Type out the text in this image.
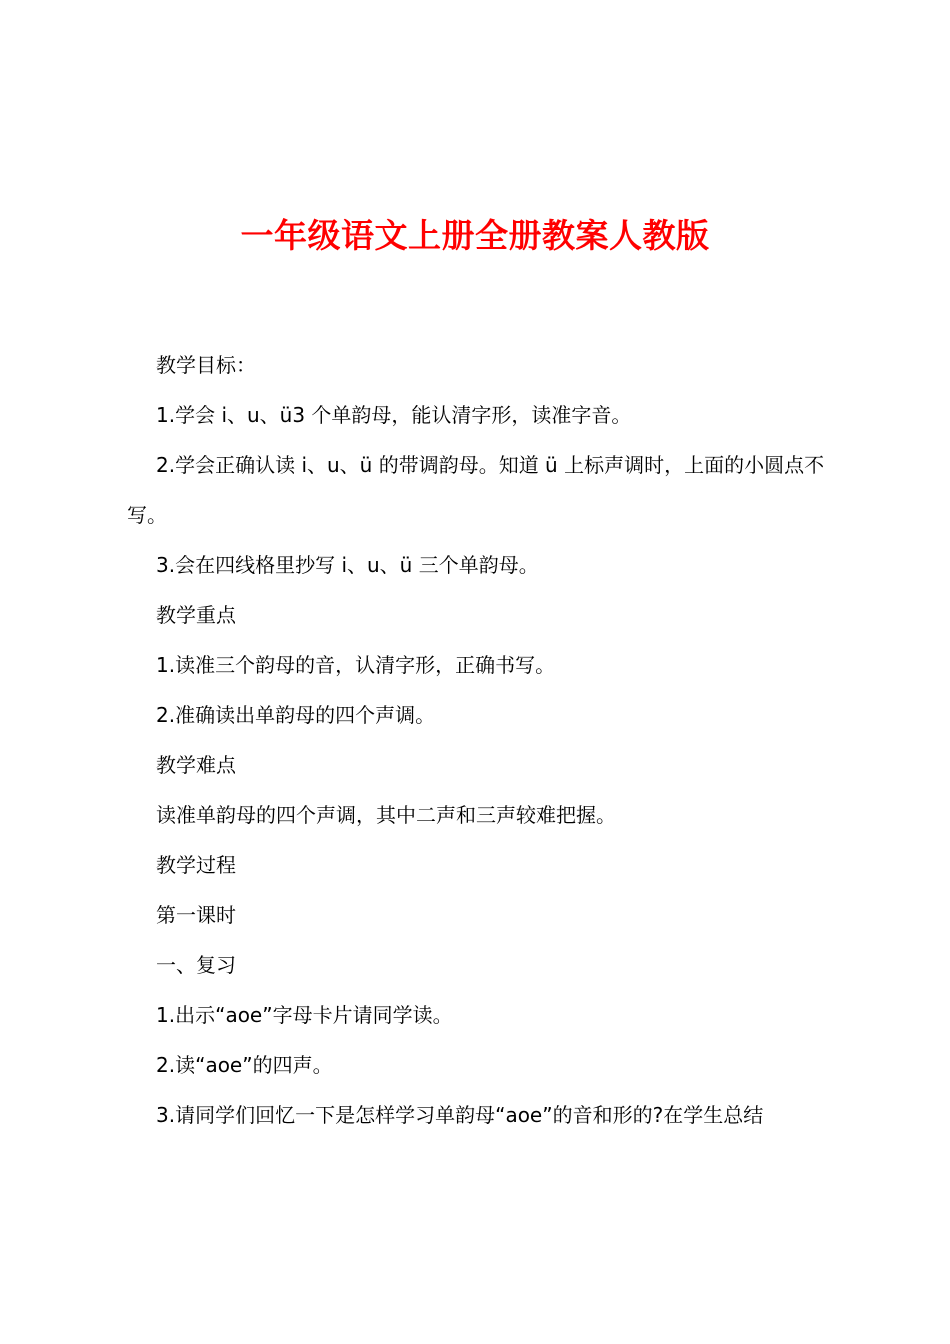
一年级语文上册全册教案人教版

教学目标：

1.学会 i、u、ü3 个单韵母，能认清字形，读准字音。

2.学会正确认读 i、u、ü 的带调韵母。知道 ü 上标声调时，上面的小圆点不写。

3.会在四线格里抄写 i、u、ü 三个单韵母。

教学重点

1.读准三个韵母的音，认清字形，正确书写。

2.准确读出单韵母的四个声调。

教学难点

读准单韵母的四个声调，其中二声和三声较难把握。

教学过程

第一课时

一、复习

1.出示“aoe”字母卡片请同学读。

2.读“aoe”的四声。

3.请同学们回忆一下是怎样学习单韵母“aoe”的音和形的?在学生总结
